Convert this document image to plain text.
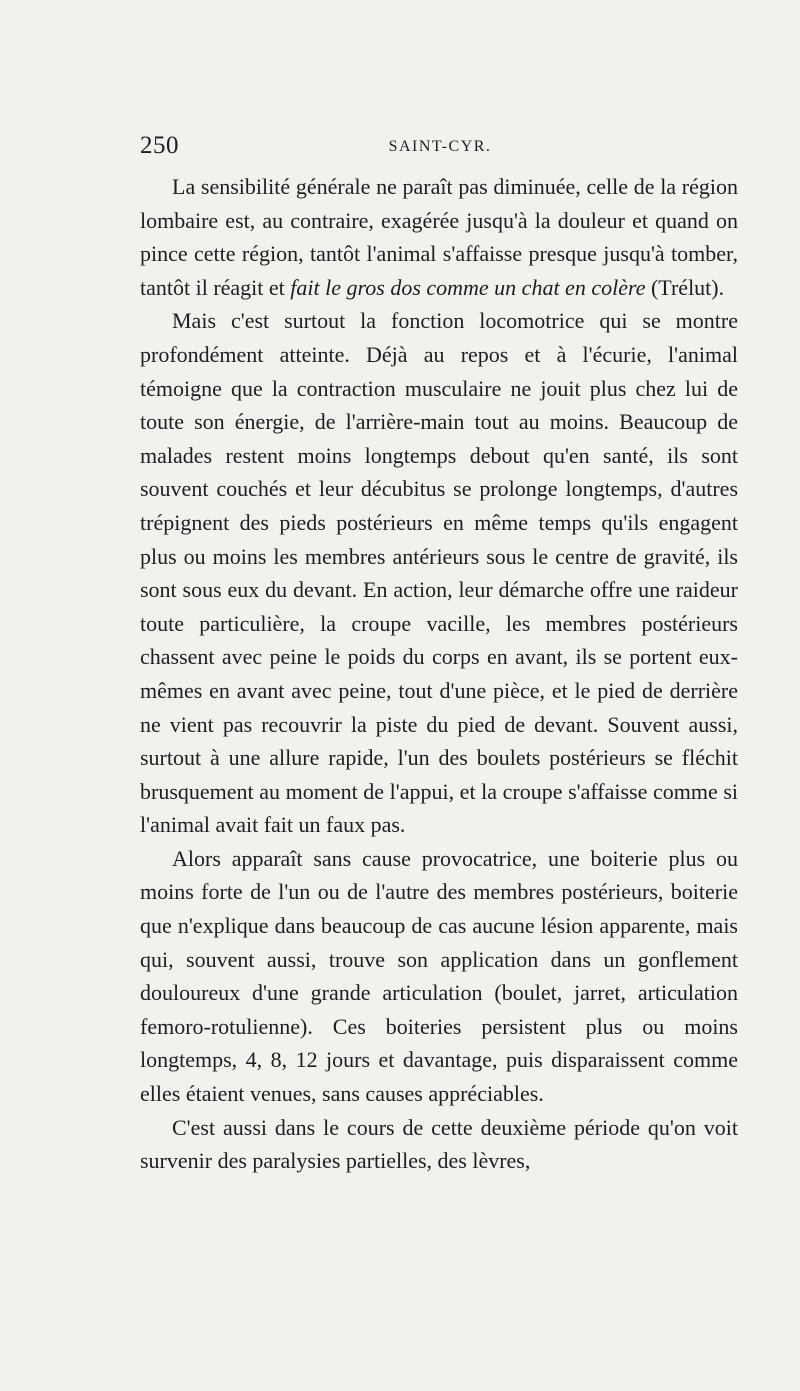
250	SAINT-CYR.

La sensibilité générale ne paraît pas diminuée, celle de la région lombaire est, au contraire, exagérée jusqu'à la douleur et quand on pince cette région, tantôt l'animal s'affaisse presque jusqu'à tomber, tantôt il réagit et fait le gros dos comme un chat en colère (Trélut).

Mais c'est surtout la fonction locomotrice qui se montre profondément atteinte. Déjà au repos et à l'écurie, l'animal témoigne que la contraction musculaire ne jouit plus chez lui de toute son énergie, de l'arrière-main tout au moins. Beaucoup de malades restent moins longtemps debout qu'en santé, ils sont souvent couchés et leur décubitus se prolonge longtemps, d'autres trépignent des pieds postérieurs en même temps qu'ils engagent plus ou moins les membres antérieurs sous le centre de gravité, ils sont sous eux du devant. En action, leur démarche offre une raideur toute particulière, la croupe vacille, les membres postérieurs chassent avec peine le poids du corps en avant, ils se portent eux-mêmes en avant avec peine, tout d'une pièce, et le pied de derrière ne vient pas recouvrir la piste du pied de devant. Souvent aussi, surtout à une allure rapide, l'un des boulets postérieurs se fléchit brusquement au moment de l'appui, et la croupe s'affaisse comme si l'animal avait fait un faux pas.

Alors apparaît sans cause provocatrice, une boiterie plus ou moins forte de l'un ou de l'autre des membres postérieurs, boiterie que n'explique dans beaucoup de cas aucune lésion apparente, mais qui, souvent aussi, trouve son application dans un gonflement douloureux d'une grande articulation (boulet, jarret, articulation femoro-rotulienne). Ces boiteries persistent plus ou moins longtemps, 4, 8, 12 jours et davantage, puis disparaissent comme elles étaient venues, sans causes appréciables.

C'est aussi dans le cours de cette deuxième période qu'on voit survenir des paralysies partielles, des lèvres,
